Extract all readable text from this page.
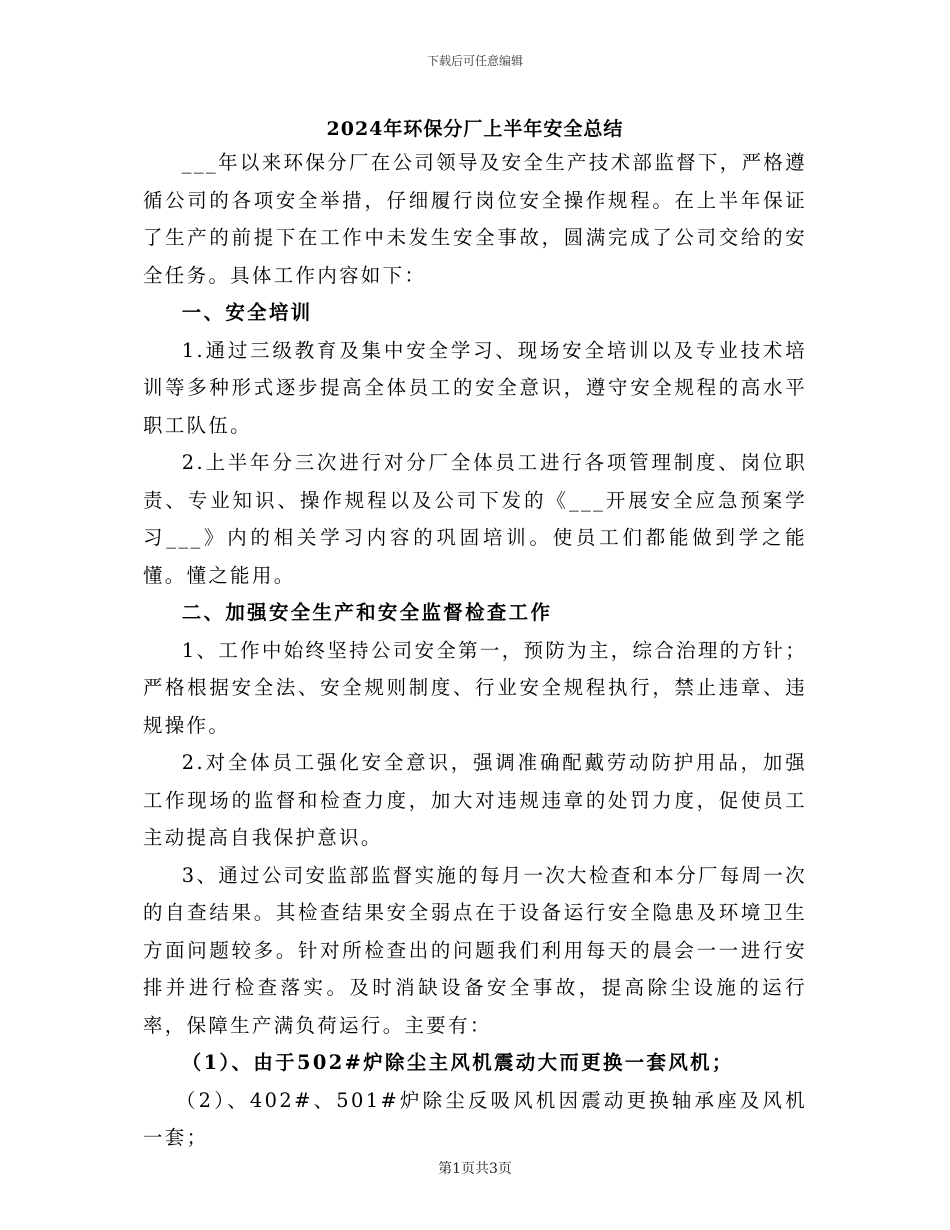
下载后可任意编辑
2024年环保分厂上半年安全总结

___年以来环保分厂在公司领导及安全生产技术部监督下，严格遵循公司的各项安全举措，仔细履行岗位安全操作规程。在上半年保证了生产的前提下在工作中未发生安全事故，圆满完成了公司交给的安全任务。具体工作内容如下：

一、安全培训

1.通过三级教育及集中安全学习、现场安全培训以及专业技术培训等多种形式逐步提高全体员工的安全意识，遵守安全规程的高水平职工队伍。

2.上半年分三次进行对分厂全体员工进行各项管理制度、岗位职责、专业知识、操作规程以及公司下发的《___开展安全应急预案学习___》内的相关学习内容的巩固培训。使员工们都能做到学之能懂。懂之能用。

二、加强安全生产和安全监督检查工作

1、工作中始终坚持公司安全第一，预防为主，综合治理的方针；严格根据安全法、安全规则制度、行业安全规程执行，禁止违章、违规操作。

2.对全体员工强化安全意识，强调准确配戴劳动防护用品，加强工作现场的监督和检查力度，加大对违规违章的处罚力度，促使员工主动提高自我保护意识。

3、通过公司安监部监督实施的每月一次大检查和本分厂每周一次的自查结果。其检查结果安全弱点在于设备运行安全隐患及环境卫生方面问题较多。针对所检查出的问题我们利用每天的晨会一一进行安排并进行检查落实。及时消缺设备安全事故，提高除尘设施的运行率，保障生产满负荷运行。主要有：

（1）、由于502#炉除尘主风机震动大而更换一套风机；

（2）、402#、501#炉除尘反吸风机因震动更换轴承座及风机一套；

第1页共3页
